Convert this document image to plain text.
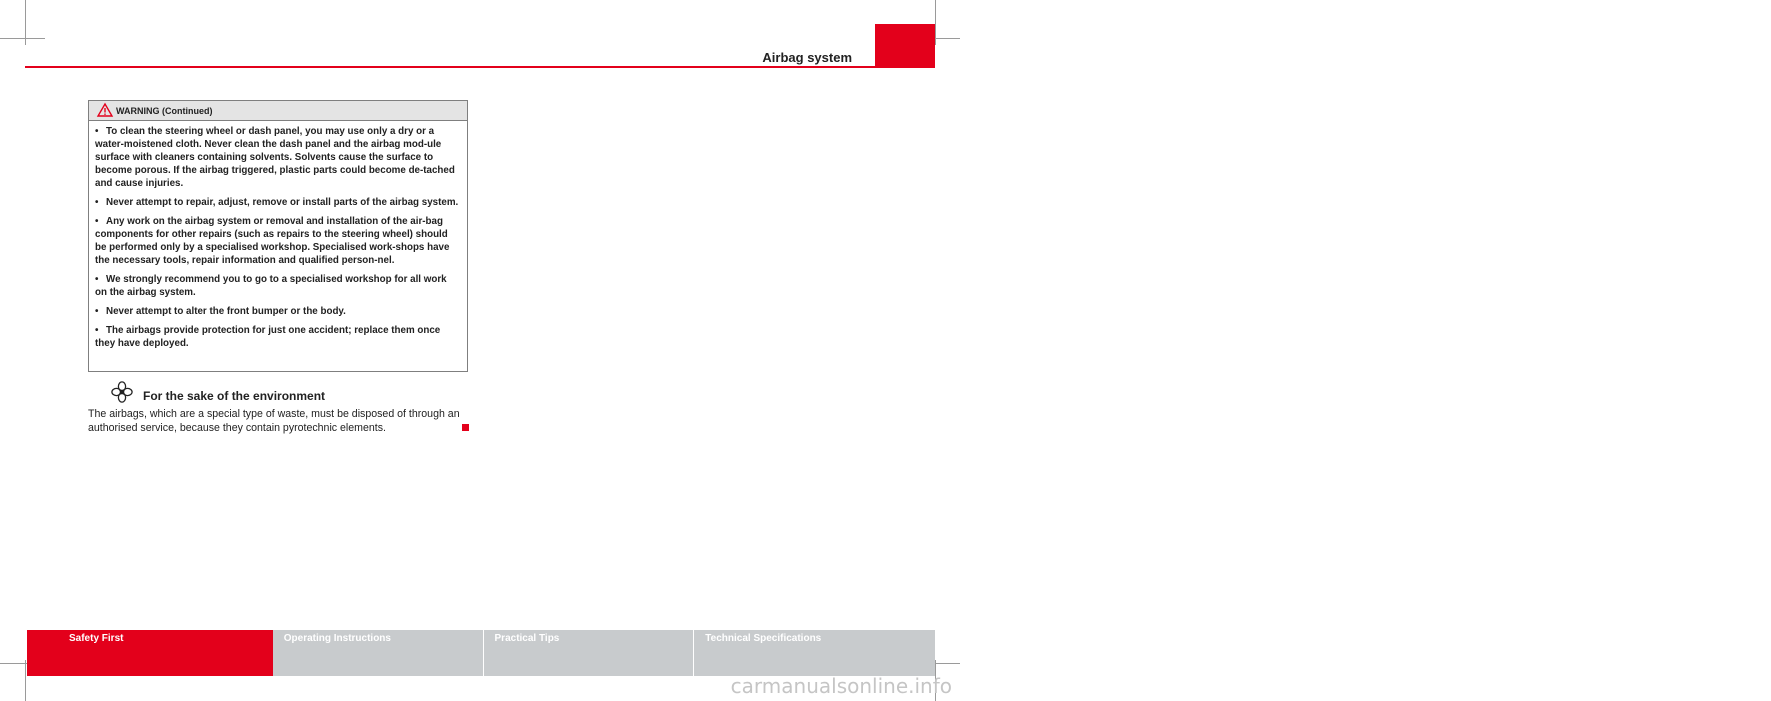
Airbag system	33
WARNING (Continued)
• To clean the steering wheel or dash panel, you may use only a dry or a water-moistened cloth. Never clean the dash panel and the airbag mod-ule surface with cleaners containing solvents. Solvents cause the surface to become porous. If the airbag triggered, plastic parts could become de-tached and cause injuries.
• Never attempt to repair, adjust, remove or install parts of the airbag system.
• Any work on the airbag system or removal and installation of the air-bag components for other repairs (such as repairs to the steering wheel) should be performed only by a specialised workshop. Specialised work-shops have the necessary tools, repair information and qualified person-nel.
• We strongly recommend you to go to a specialised workshop for all work on the airbag system.
• Never attempt to alter the front bumper or the body.
• The airbags provide protection for just one accident; replace them once they have deployed.
For the sake of the environment
The airbags, which are a special type of waste, must be disposed of through an authorised service, because they contain pyrotechnic elements.
Safety First	Operating Instructions	Practical Tips	Technical Specifications
carmanualsonline.info
